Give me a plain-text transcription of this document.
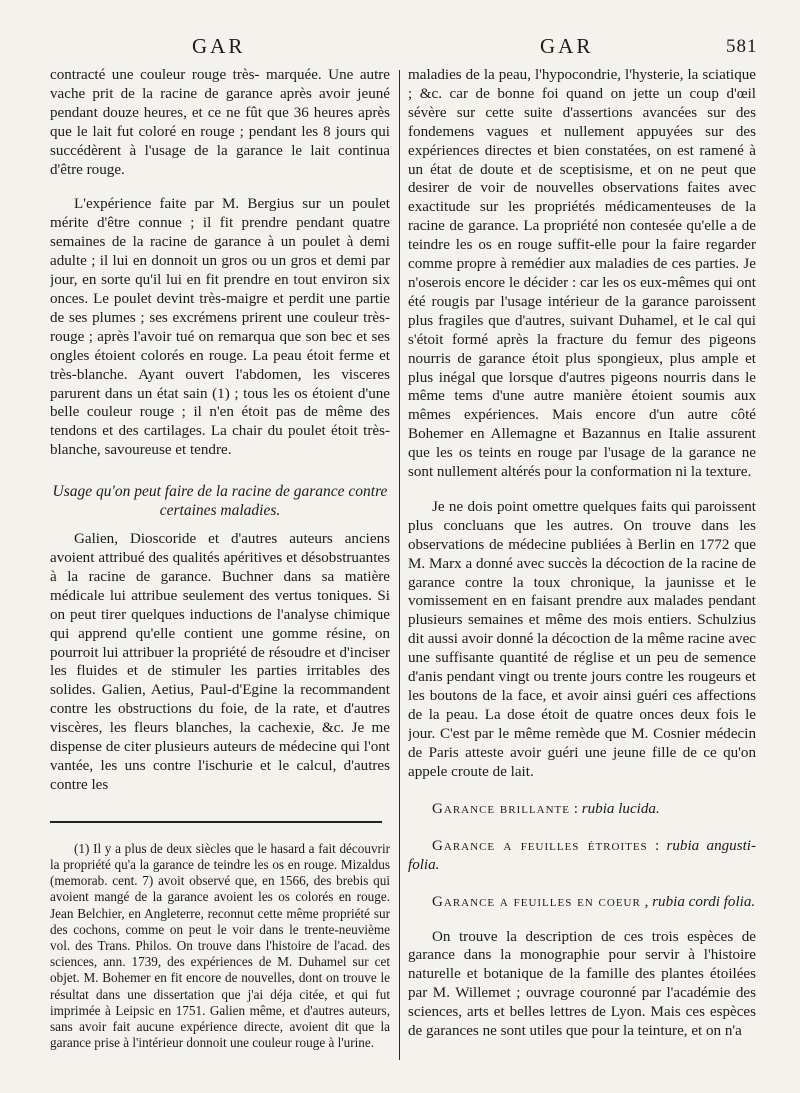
GAR	GAR	581

contracté une couleur rouge très- marquée. Une autre vache prit de la racine de garance après avoir jeuné pendant douze heures, et ce ne fût que 36 heures après que le lait fut coloré en rouge ; pendant les 8 jours qui succédèrent à l'usage de la garance le lait continua d'être rouge.

L'expérience faite par M. Bergius sur un poulet mérite d'être connue ; il fit prendre pendant quatre semaines de la racine de garance à un poulet à demi adulte ; il lui en donnoit un gros ou un gros et demi par jour, en sorte qu'il lui en fit prendre en tout environ six onces. Le poulet devint très-maigre et perdit une partie de ses plumes ; ses excrémens prirent une couleur très-rouge ; après l'avoir tué on remarqua que son bec et ses ongles étoient colorés en rouge. La peau étoit ferme et très-blanche. Ayant ouvert l'abdomen, les visceres parurent dans un état sain (1) ; tous les os étoient d'une belle couleur rouge ; il n'en étoit pas de même des tendons et des cartilages. La chair du poulet étoit très-blanche, savoureuse et tendre.

Usage qu'on peut faire de la racine de garance contre certaines maladies.

Galien, Dioscoride et d'autres auteurs anciens avoient attribué des qualités apéritives et désobstruantes à la racine de garance. Buchner dans sa matière médicale lui attribue seulement des vertus toniques. Si on peut tirer quelques inductions de l'analyse chimique qui apprend qu'elle contient une gomme résine, on pourroit lui attribuer la propriété de résoudre et d'inciser les fluides et de stimuler les parties irritables des solides. Galien, Aetius, Paul-d'Egine la recommandent contre les obstructions du foie, de la rate, et d'autres viscères, les fleurs blanches, la cachexie, &c. Je me dispense de citer plusieurs auteurs de médecine qui l'ont vantée, les uns contre l'ischurie et le calcul, d'autres contre les

(1) Il y a plus de deux siècles que le hasard a fait découvrir la propriété qu'a la garance de teindre les os en rouge. Mizaldus (memorab. cent. 7) avoit observé que, en 1566, des brebis qui avoient mangé de la garance avoient les os colorés en rouge. Jean Belchier, en Angleterre, reconnut cette même propriété sur des cochons, comme on peut le voir dans le trente-neuvième vol. des Trans. Philos. On trouve dans l'histoire de l'acad. des sciences, ann. 1739, des expériences de M. Duhamel sur cet objet. M. Bohemer en fit encore de nouvelles, dont on trouve le résultat dans une dissertation que j'ai déja citée, et qui fut imprimée à Leipsic en 1751. Galien même, et d'autres auteurs, sans avoir fait aucune expérience directe, avoient dit que la garance prise à l'intérieur donnoit une couleur rouge à l'urine.

maladies de la peau, l'hypocondrie, l'hysterie, la sciatique ; &c. car de bonne foi quand on jette un coup d'œil sévère sur cette suite d'assertions avancées sur des fondemens vagues et nullement appuyées sur des expériences directes et bien constatées, on est ramené à un état de doute et de sceptisisme, et on ne peut que desirer de voir de nouvelles observations faites avec exactitude sur les propriétés médicamenteuses de la racine de garance. La propriété non contesée qu'elle a de teindre les os en rouge suffit-elle pour la faire regarder comme propre à remédier aux maladies de ces parties. Je n'oserois encore le décider : car les os eux-mêmes qui ont été rougis par l'usage intérieur de la garance paroissent plus fragiles que d'autres, suivant Duhamel, et le cal qui s'étoit formé après la fracture du femur des pigeons nourris de garance étoit plus spongieux, plus ample et plus inégal que lorsque d'autres pigeons nourris dans le même tems d'une autre manière étoient soumis aux mêmes expériences. Mais encore d'un autre côté Bohemer en Allemagne et Bazannus en Italie assurent que les os teints en rouge par l'usage de la garance ne sont nullement altérés pour la conformation ni la texture.

Je ne dois point omettre quelques faits qui paroissent plus concluans que les autres. On trouve dans les observations de médecine publiées à Berlin en 1772 que M. Marx a donné avec succès la décoction de la racine de garance contre la toux chronique, la jaunisse et le vomissement en en faisant prendre aux malades pendant plusieurs semaines et même des mois entiers. Schulzius dit aussi avoir donné la décoction de la même racine avec une suffisante quantité de réglise et un peu de semence d'anis pendant vingt ou trente jours contre les rougeurs et les boutons de la face, et avoir ainsi guéri ces affections de la peau. La dose étoit de quatre onces deux fois le jour. C'est par le même remède que M. Cosnier médecin de Paris atteste avoir guéri une jeune fille de ce qu'on appele croute de lait.

Garance brillante : rubia lucida.

Garance a feuilles étroites : rubia angusti-folia.

Garance a feuilles en coeur , rubia cordi folia.

On trouve la description de ces trois espèces de garance dans la monographie pour servir à l'histoire naturelle et botanique de la famille des plantes étoilées par M. Willemet ; ouvrage couronné par l'académie des sciences, arts et belles lettres de Lyon. Mais ces espèces de garances ne sont utiles que pour la teinture, et on n'a
